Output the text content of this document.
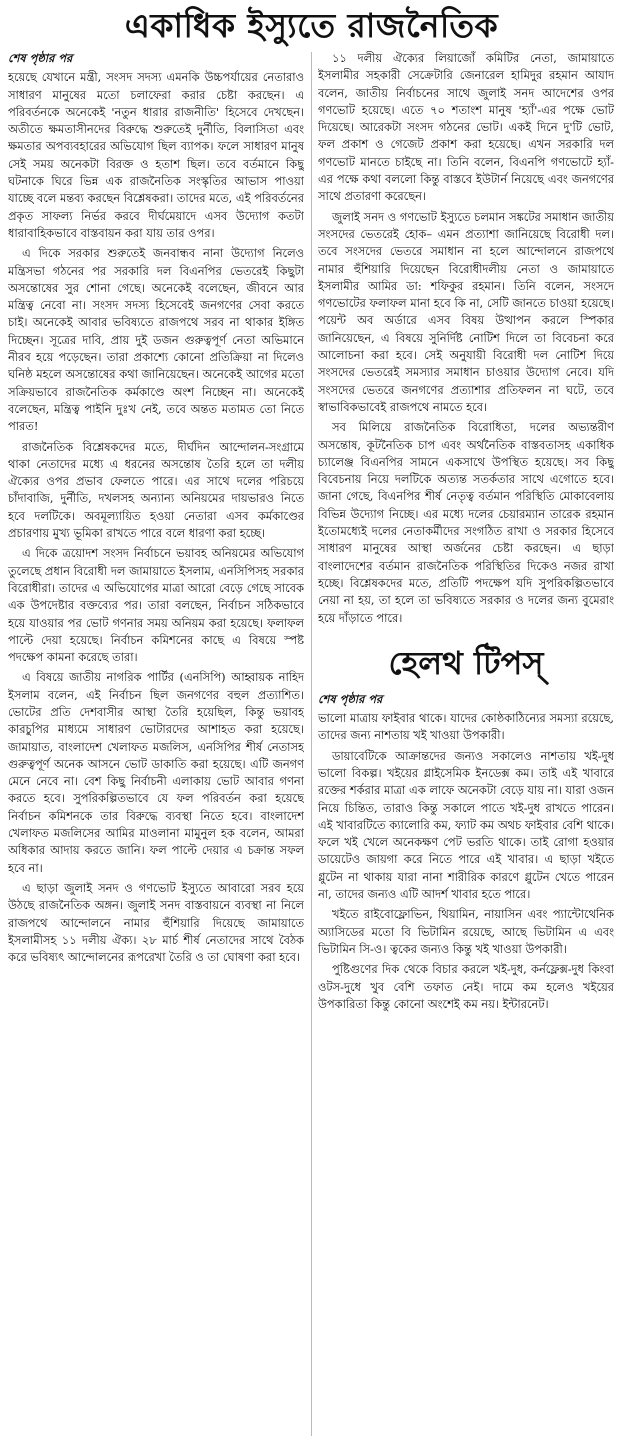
একাধিক ইস্যুতে রাজনৈতিক
শেষ পৃষ্ঠার পর

হয়েছে যেখানে মন্ত্রী, সংসদ সদস্য এমনকি উচ্চপর্যায়ের নেতারাও সাধারণ মানুষের মতো চলাফেরা করার চেষ্টা করছেন। এ পরিবর্তনকে অনেকেই 'নতুন ধারার রাজনীতি' হিসেবে দেখছেন। অতীতে ক্ষমতাসীনদের বিরুদ্ধে শুরুতেই দুর্নীতি, বিলাসিতা এবং ক্ষমতার অপব্যবহারের অভিযোগ ছিল ব্যাপক। ফলে সাধারণ মানুষ সেই সময় অনেকটা বিরক্ত ও হতাশ ছিল। তবে বর্তমানে কিছু ঘটনাকে ঘিরে ভিন্ন এক রাজনৈতিক সংস্কৃতির আভাস পাওয়া যাচ্ছে বলে মন্তব্য করছেন বিশ্লেষকরা। তাদের মতে, এই পরিবর্তনের প্রকৃত সাফল্য নির্ভর করবে দীর্ঘমেয়াদে এসব উদ্যোগ কতটা ধারাবাহিকভাবে বাস্তবায়ন করা যায় তার ওপর।

এ দিকে সরকার শুরুতেই জনবান্ধব নানা উদ্যোগ নিলেও মন্ত্রিসভা গঠনের পর সরকারি দল বিএনপির ভেতরেই কিছুটা অসন্তোষের সুর শোনা গেছে। অনেকেই বলেছেন, জীবনে আর মন্ত্রিত্ব নেবো না। সংসদ সদস্য হিসেবেই জনগণের সেবা করতে চাই। অনেকেই আবার ভবিষ্যতে রাজপথে সরব না থাকার ইঙ্গিত দিচ্ছেন। সূত্রের দাবি, প্রায় দুই ডজন গুরুত্বপূর্ণ নেতা অভিমানে নীরব হয়ে পড়েছেন। তারা প্রকাশ্যে কোনো প্রতিক্রিয়া না দিলেও ঘনিষ্ঠ মহলে অসন্তোষের কথা জানিয়েছেন। অনেকেই আগের মতো সক্রিয়ভাবে রাজনৈতিক কর্মকাণ্ডে অংশ নিচ্ছেন না। অনেকেই বলেছেন, মন্ত্রিত্ব পাইনি দুঃখ নেই, তবে অন্তত মতামত তো নিতে পারত!

রাজনৈতিক বিশ্লেষকদের মতে, দীর্ঘদিন আন্দোলন-সংগ্রামে থাকা নেতাদের মধ্যে এ ধরনের অসন্তোষ তৈরি হলে তা দলীয় ঐক্যের ওপর প্রভাব ফেলতে পারে। এর সাথে দলের পরিচয়ে চাঁদাবাজি, দুর্নীতি, দখলসহ অন্যান্য অনিয়মের দায়ভারও নিতে হবে দলটিকে। অবমূল্যায়িত হওয়া নেতারা এসব কর্মকাণ্ডের প্রচারণায় মুখ্য ভূমিকা রাখতে পারে বলে ধারণা করা হচ্ছে।

এ দিকে ত্রয়োদশ সংসদ নির্বাচনে ভয়াবহ অনিয়মের অভিযোগ তুলেছে প্রধান বিরোধী দল জামায়াতে ইসলাম, এনসিপিসহ সরকার বিরোধীরা। তাদের এ অভিযোগের মাত্রা আরো বেড়ে গেছে সাবেক এক উপদেষ্টার বক্তব্যের পর। তারা বলছেন, নির্বাচন সঠিকভাবে হয়ে যাওয়ার পর ভোট গণনার সময় অনিয়ম করা হয়েছে। ফলাফল পাল্টে দেয়া হয়েছে। নির্বাচন কমিশনের কাছে এ বিষয়ে স্পষ্ট পদক্ষেপ কামনা করেছে তারা।

এ বিষয়ে জাতীয় নাগরিক পার্টির (এনসিপি) আহ্বায়ক নাহিদ ইসলাম বলেন, এই নির্বাচন ছিল জনগণের বহুল প্রত্যাশিত। ভোটের প্রতি দেশবাসীর আস্থা তৈরি হয়েছিল, কিন্তু ভয়াবহ কারচুপির মাধ্যমে সাধারণ ভোটারদের আশাহত করা হয়েছে। জামায়াত, বাংলাদেশ খেলাফত মজলিস, এনসিপির শীর্ষ নেতাসহ গুরুত্বপূর্ণ অনেক আসনে ভোট ডাকাতি করা হয়েছে। এটি জনগণ মেনে নেবে না। বেশ কিছু নির্বাচনী এলাকায় ভোট আবার গণনা করতে হবে। সুপরিকল্পিতভাবে যে ফল পরিবর্তন করা হয়েছে নির্বাচন কমিশনকে তার বিরুদ্ধে ব্যবস্থা নিতে হবে। বাংলাদেশ খেলাফত মজলিসের আমির মাওলানা মামুনুল হক বলেন, আমরা অধিকার আদায় করতে জানি। ফল পাল্টে দেয়ার এ চক্রান্ত সফল হবে না।

এ ছাড়া জুলাই সনদ ও গণভোট ইস্যুতে আবারো সরব হয়ে উঠছে রাজনৈতিক অঙ্গন। জুলাই সনদ বাস্তবায়নে ব্যবস্থা না নিলে রাজপথে আন্দোলনে নামার হুঁশিয়ারি দিয়েছে জামায়াতে ইসলামীসহ ১১ দলীয় ঐক্য। ২৮ মার্চ শীর্ষ নেতাদের সাথে বৈঠক করে ভবিষ্যৎ আন্দোলনের রূপরেখা তৈরি ও তা ঘোষণা করা হবে।

১১ দলীয় ঐক্যের লিয়াজোঁ কমিটির নেতা, জামায়াতে ইসলামীর সহকারী সেক্রেটারি জেনারেল হামিদুর রহমান আযাদ বলেন, জাতীয় নির্বাচনের সাথে জুলাই সনদ আদেশের ওপর গণভোট হয়েছে। এতে ৭০ শতাংশ মানুষ 'হ্যাঁ'-এর পক্ষে ভোট দিয়েছে। আরেকটা সংসদ গঠনের ভোট। একই দিনে দু'টি ভোট, ফল প্রকাশ ও গেজেট প্রকাশ করা হয়েছে। এখন সরকারি দল গণভোট মানতে চাইছে না। তিনি বলেন, বিএনপি গণভোটে হ্যাঁ-এর পক্ষে কথা বললো কিন্তু বাস্তবে ইউটার্ন নিয়েছে এবং জনগণের সাথে প্রতারণা করেছেন।

জুলাই সনদ ও গণভোট ইস্যুতে চলমান সঙ্কটের সমাধান জাতীয় সংসদের ভেতরেই হোক– এমন প্রত্যাশা জানিয়েছে বিরোধী দল। তবে সংসদের ভেতরে সমাধান না হলে আন্দোলনে রাজপথে নামার হুঁশিয়ারি দিয়েছেন বিরোধীদলীয় নেতা ও জামায়াতে ইসলামীর আমির ডা: শফিকুর রহমান। তিনি বলেন, সংসদে গণভোটের ফলাফল মানা হবে কি না, সেটি জানতে চাওয়া হয়েছে। পয়েন্ট অব অর্ডারে এসব বিষয় উত্থাপন করলে স্পিকার জানিয়েছেন, এ বিষয়ে সুনির্দিষ্ট নোটিশ দিলে তা বিবেচনা করে আলোচনা করা হবে। সেই অনুযায়ী বিরোধী দল নোটিশ দিয়ে সংসদের ভেতরেই সমস্যার সমাধান চাওয়ার উদ্যোগ নেবে। যদি সংসদের ভেতরে জনগণের প্রত্যাশার প্রতিফলন না ঘটে, তবে স্বাভাবিকভাবেই রাজপথে নামতে হবে।

সব মিলিয়ে রাজনৈতিক বিরোধিতা, দলের অভ্যন্তরীণ অসন্তোষ, কূটনৈতিক চাপ এবং অর্থনৈতিক বাস্তবতাসহ একাধিক চ্যালেঞ্জ বিএনপির সামনে একসাথে উপস্থিত হয়েছে। সব কিছু বিবেচনায় নিয়ে দলটিকে অত্যন্ত সতর্কতার সাথে এগোতে হবে। জানা গেছে, বিএনপির শীর্ষ নেতৃত্ব বর্তমান পরিস্থিতি মোকাবেলায় বিভিন্ন উদ্যোগ নিচ্ছে। এর মধ্যে দলের চেয়ারম্যান তারেক রহমান ইতোমধ্যেই দলের নেতাকর্মীদের সংগঠিত রাখা ও সরকার হিসেবে সাধারণ মানুষের আস্থা অর্জনের চেষ্টা করছেন। এ ছাড়া বাংলাদেশের বর্তমান রাজনৈতিক পরিস্থিতির দিকেও নজর রাখা হচ্ছে। বিশ্লেষকদের মতে, প্রতিটি পদক্ষেপ যদি সুপরিকল্পিতভাবে নেয়া না হয়, তা হলে তা ভবিষ্যতে সরকার ও দলের জন্য বুমেরাং হয়ে দাঁড়াতে পারে।

হেলথ টিপস্
শেষ পৃষ্ঠার পর

ভালো মাত্রায় ফাইবার থাকে। যাদের কোষ্ঠকাঠিন্যের সমস্যা রয়েছে, তাদের জন্য নাশতায় খই খাওয়া উপকারী।

ডায়াবেটিকে আক্রান্তদের জন্যও সকালেও নাশতায় খই-দুধ ভালো বিকল্প। খইয়ের গ্লাইসেমিক ইনডেক্স কম। তাই এই খাবারে রক্তের শর্করার মাত্রা এক লাফে অনেকটা বেড়ে যায় না। যারা ওজন নিয়ে চিন্তিত, তারাও কিন্তু সকালে পাতে খই-দুধ রাখতে পারেন। এই খাবারটিতে ক্যালোরি কম, ফ্যাট কম অথচ ফাইবার বেশি থাকে। ফলে খই খেলে অনেকক্ষণ পেট ভরতি থাকে। তাই রোগা হওয়ার ডায়েটেও জায়গা করে নিতে পারে এই খাবার। এ ছাড়া খইতে গ্লুটেন না থাকায় যারা নানা শারীরিক কারণে গ্লুটেন খেতে পারেন না, তাদের জন্যও এটি আদর্শ খাবার হতে পারে।

খইতে রাইবোফ্লোভিন, থিয়ামিন, নায়াসিন এবং প্যান্টোথেনিক অ্যাসিডের মতো বি ভিটামিন রয়েছে, আছে ভিটামিন এ এবং ভিটামিন সি-ও। ত্বকের জন্যও কিন্তু খই খাওয়া উপকারী।

পুষ্টিগুণের দিক থেকে বিচার করলে খই-দুধ, কর্নফ্লেক্স-দুধ কিংবা ওটস-দুধে খুব বেশি তফাত নেই। দামে কম হলেও খইয়ের উপকারিতা কিন্তু কোনো অংশেই কম নয়। ইন্টারনেট।
